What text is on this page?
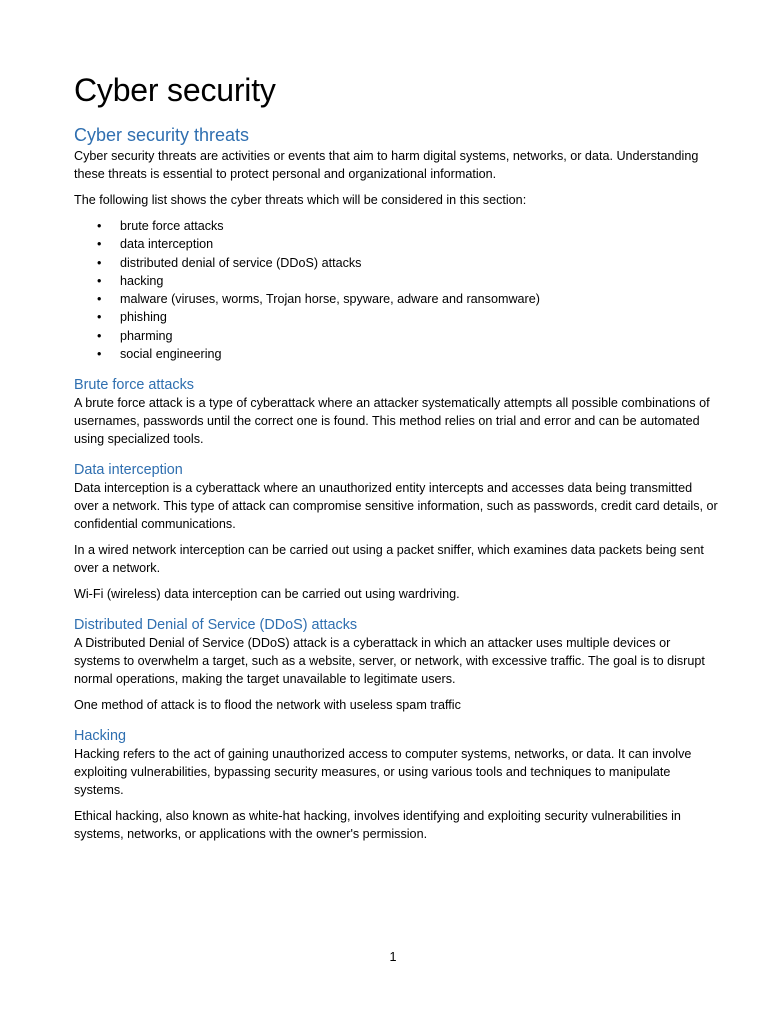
Cyber security
Cyber security threats

Cyber security threats are activities or events that aim to harm digital systems, networks, or data. Understanding these threats is essential to protect personal and organizational information.

The following list shows the cyber threats which will be considered in this section:

• brute force attacks
• data interception
• distributed denial of service (DDoS) attacks
• hacking
• malware (viruses, worms, Trojan horse, spyware, adware and ransomware)
• phishing
• pharming
• social engineering
Brute force attacks

A brute force attack is a type of cyberattack where an attacker systematically attempts all possible combinations of usernames, passwords until the correct one is found. This method relies on trial and error and can be automated using specialized tools.

Data interception

Data interception is a cyberattack where an unauthorized entity intercepts and accesses data being transmitted over a network. This type of attack can compromise sensitive information, such as passwords, credit card details, or confidential communications.

In a wired network interception can be carried out using a packet sniffer, which examines data packets being sent over a network.

Wi-Fi (wireless) data interception can be carried out using wardriving.

Distributed Denial of Service (DDoS) attacks

A Distributed Denial of Service (DDoS) attack is a cyberattack in which an attacker uses multiple devices or systems to overwhelm a target, such as a website, server, or network, with excessive traffic. The goal is to disrupt normal operations, making the target unavailable to legitimate users.

One method of attack is to flood the network with useless spam traffic

Hacking

Hacking refers to the act of gaining unauthorized access to computer systems, networks, or data. It can involve exploiting vulnerabilities, bypassing security measures, or using various tools and techniques to manipulate systems.

Ethical hacking, also known as white-hat hacking, involves identifying and exploiting security vulnerabilities in systems, networks, or applications with the owner's permission.

1
